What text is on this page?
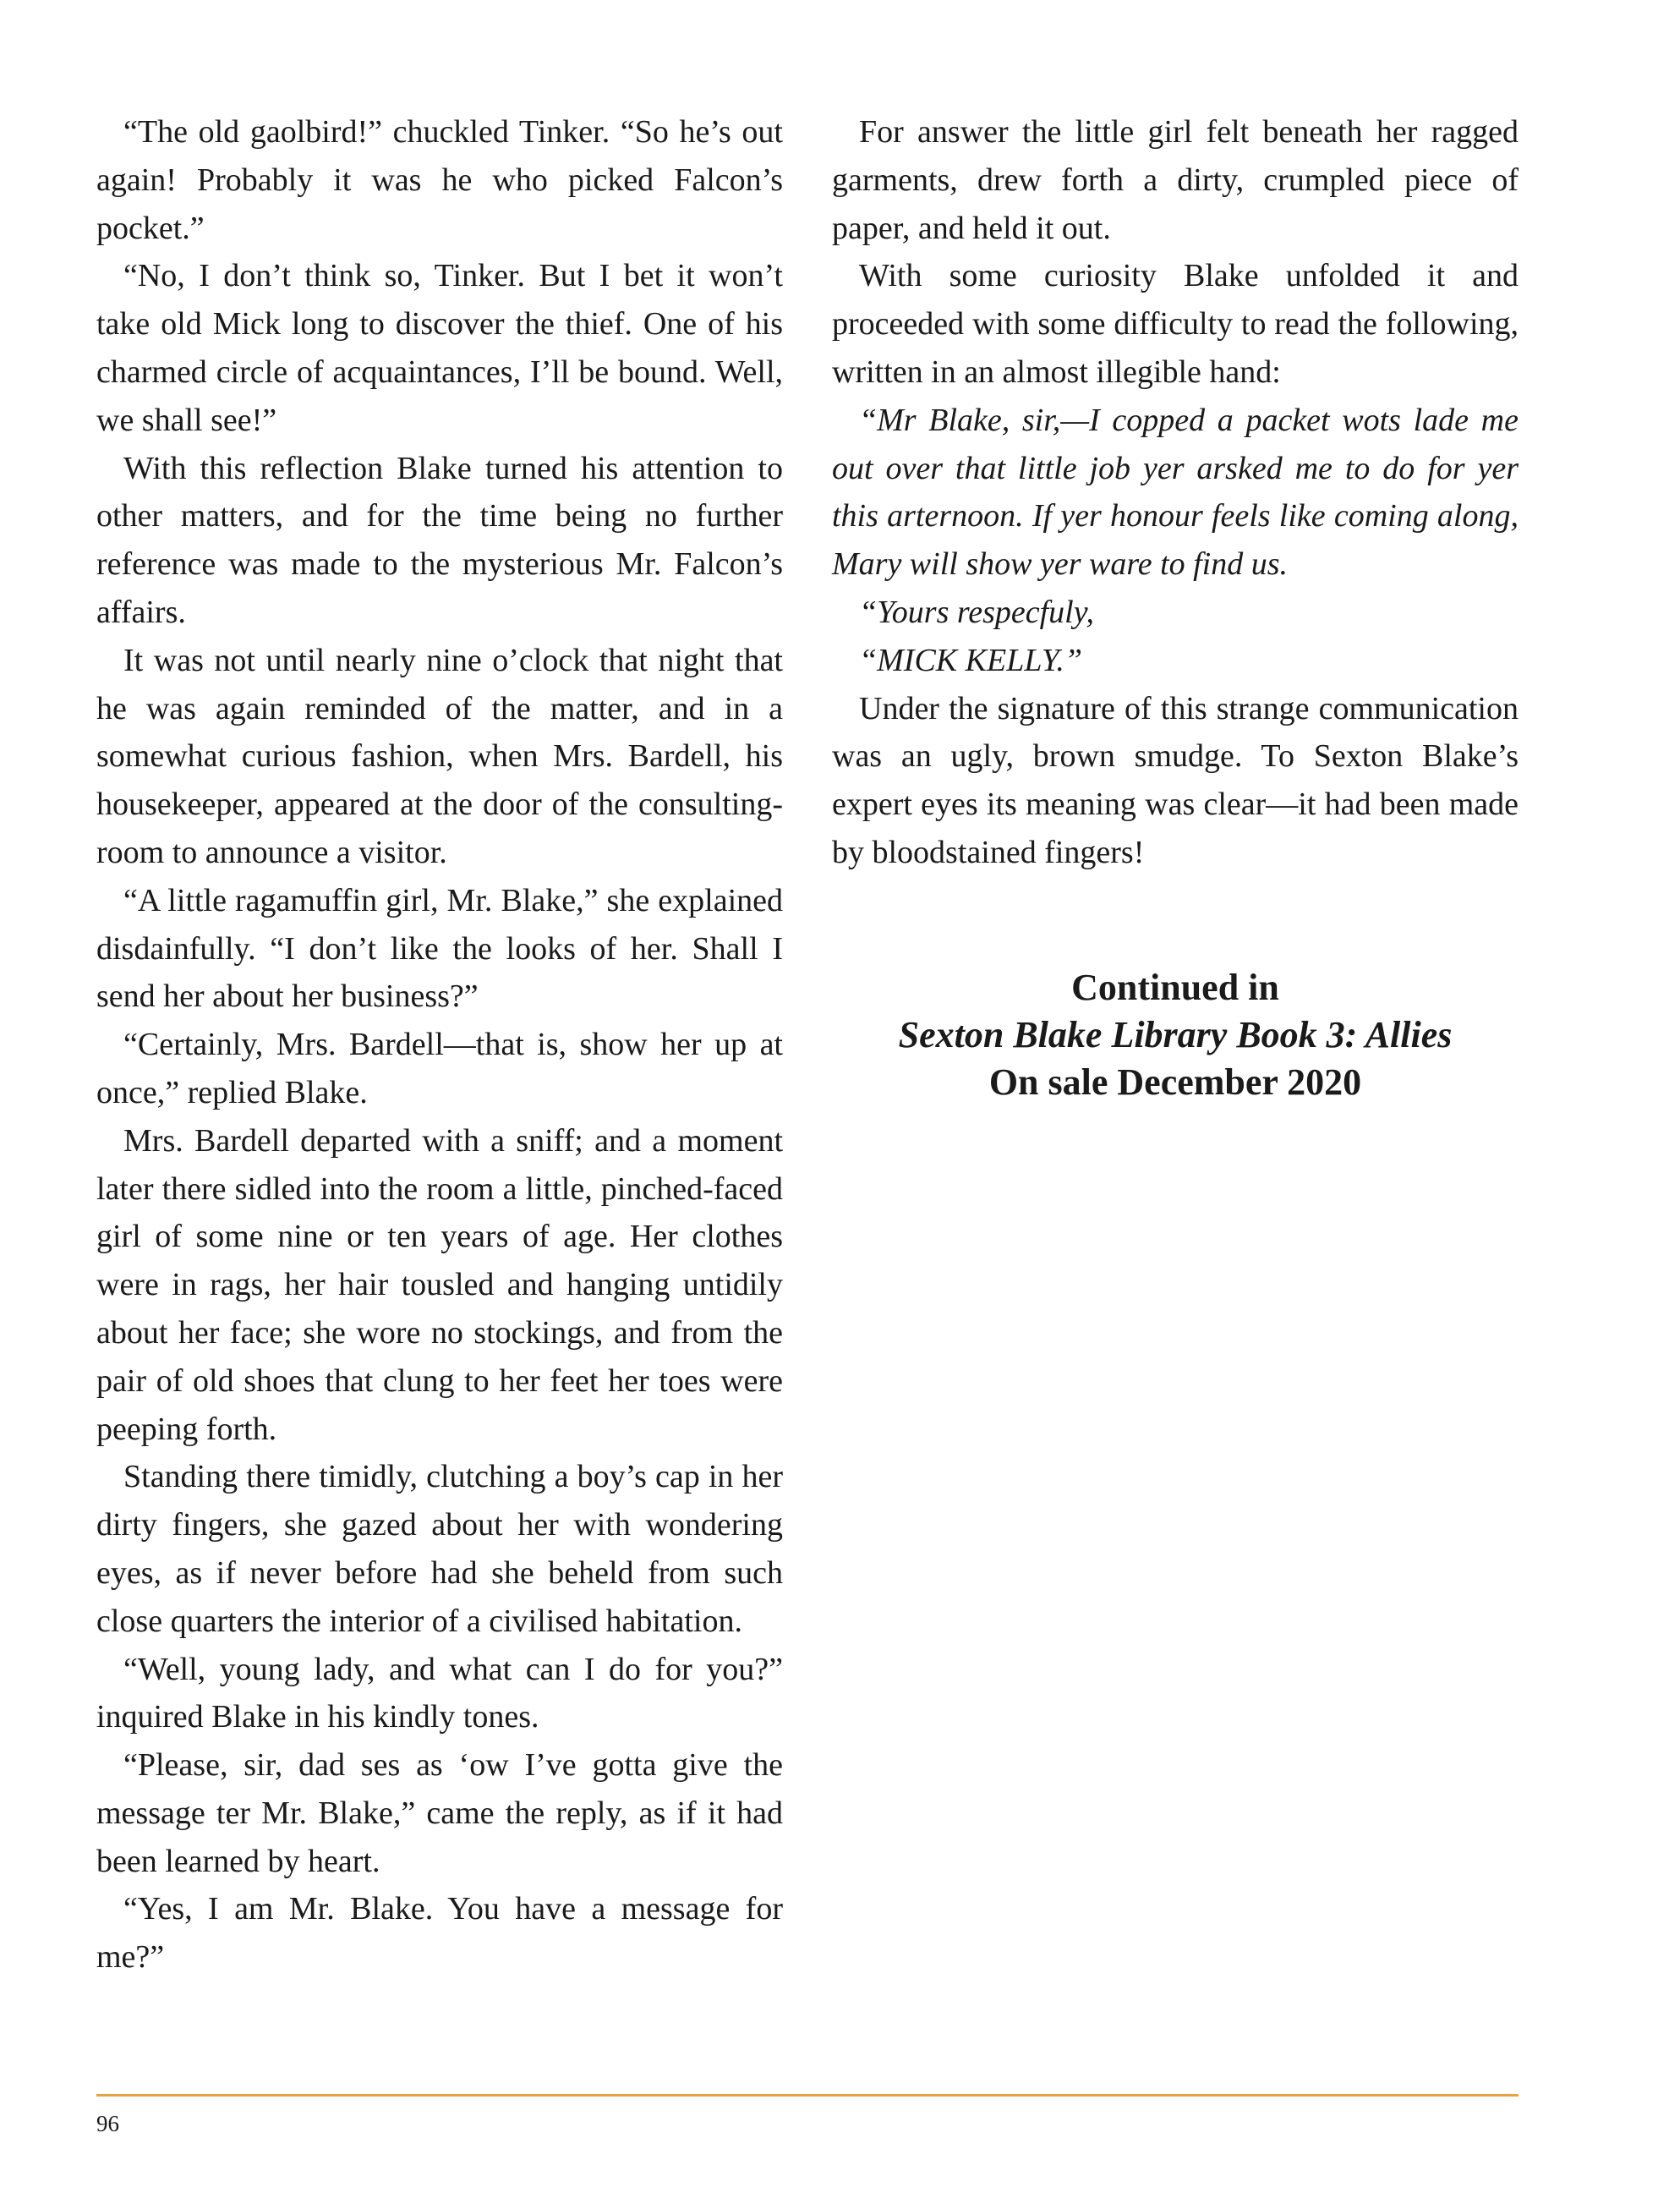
“The old gaolbird!” chuckled Tinker. “So he’s out again! Probably it was he who picked Falcon’s pocket.”

“No, I don’t think so, Tinker. But I bet it won’t take old Mick long to discover the thief. One of his charmed circle of acquaintances, I’ll be bound. Well, we shall see!”

With this reflection Blake turned his attention to other matters, and for the time being no further reference was made to the mysterious Mr. Falcon’s affairs.

It was not until nearly nine o’clock that night that he was again reminded of the matter, and in a somewhat curious fashion, when Mrs. Bardell, his housekeeper, appeared at the door of the consulting-room to announce a visitor.

“A little ragamuffin girl, Mr. Blake,” she explained disdainfully. “I don’t like the looks of her. Shall I send her about her business?”

“Certainly, Mrs. Bardell—that is, show her up at once,” replied Blake.

Mrs. Bardell departed with a sniff; and a moment later there sidled into the room a little, pinched-faced girl of some nine or ten years of age. Her clothes were in rags, her hair tousled and hanging untidily about her face; she wore no stockings, and from the pair of old shoes that clung to her feet her toes were peeping forth.

Standing there timidly, clutching a boy’s cap in her dirty fingers, she gazed about her with wondering eyes, as if never before had she beheld from such close quarters the interior of a civilised habitation.

“Well, young lady, and what can I do for you?” inquired Blake in his kindly tones.

“Please, sir, dad ses as ‘ow I’ve gotta give the message ter Mr. Blake,” came the reply, as if it had been learned by heart.

“Yes, I am Mr. Blake. You have a message for me?”

For answer the little girl felt beneath her ragged garments, drew forth a dirty, crumpled piece of paper, and held it out.

With some curiosity Blake unfolded it and proceeded with some difficulty to read the following, written in an almost illegible hand:

“Mr Blake, sir,—I copped a packet wots lade me out over that little job yer arsked me to do for yer this arternoon. If yer honour feels like coming along, Mary will show yer ware to find us.

“Yours respecfuly,

“MICK KELLY.”

Under the signature of this strange communication was an ugly, brown smudge. To Sexton Blake’s expert eyes its meaning was clear—it had been made by bloodstained fingers!

Continued in
Sexton Blake Library Book 3: Allies
On sale December 2020
96
